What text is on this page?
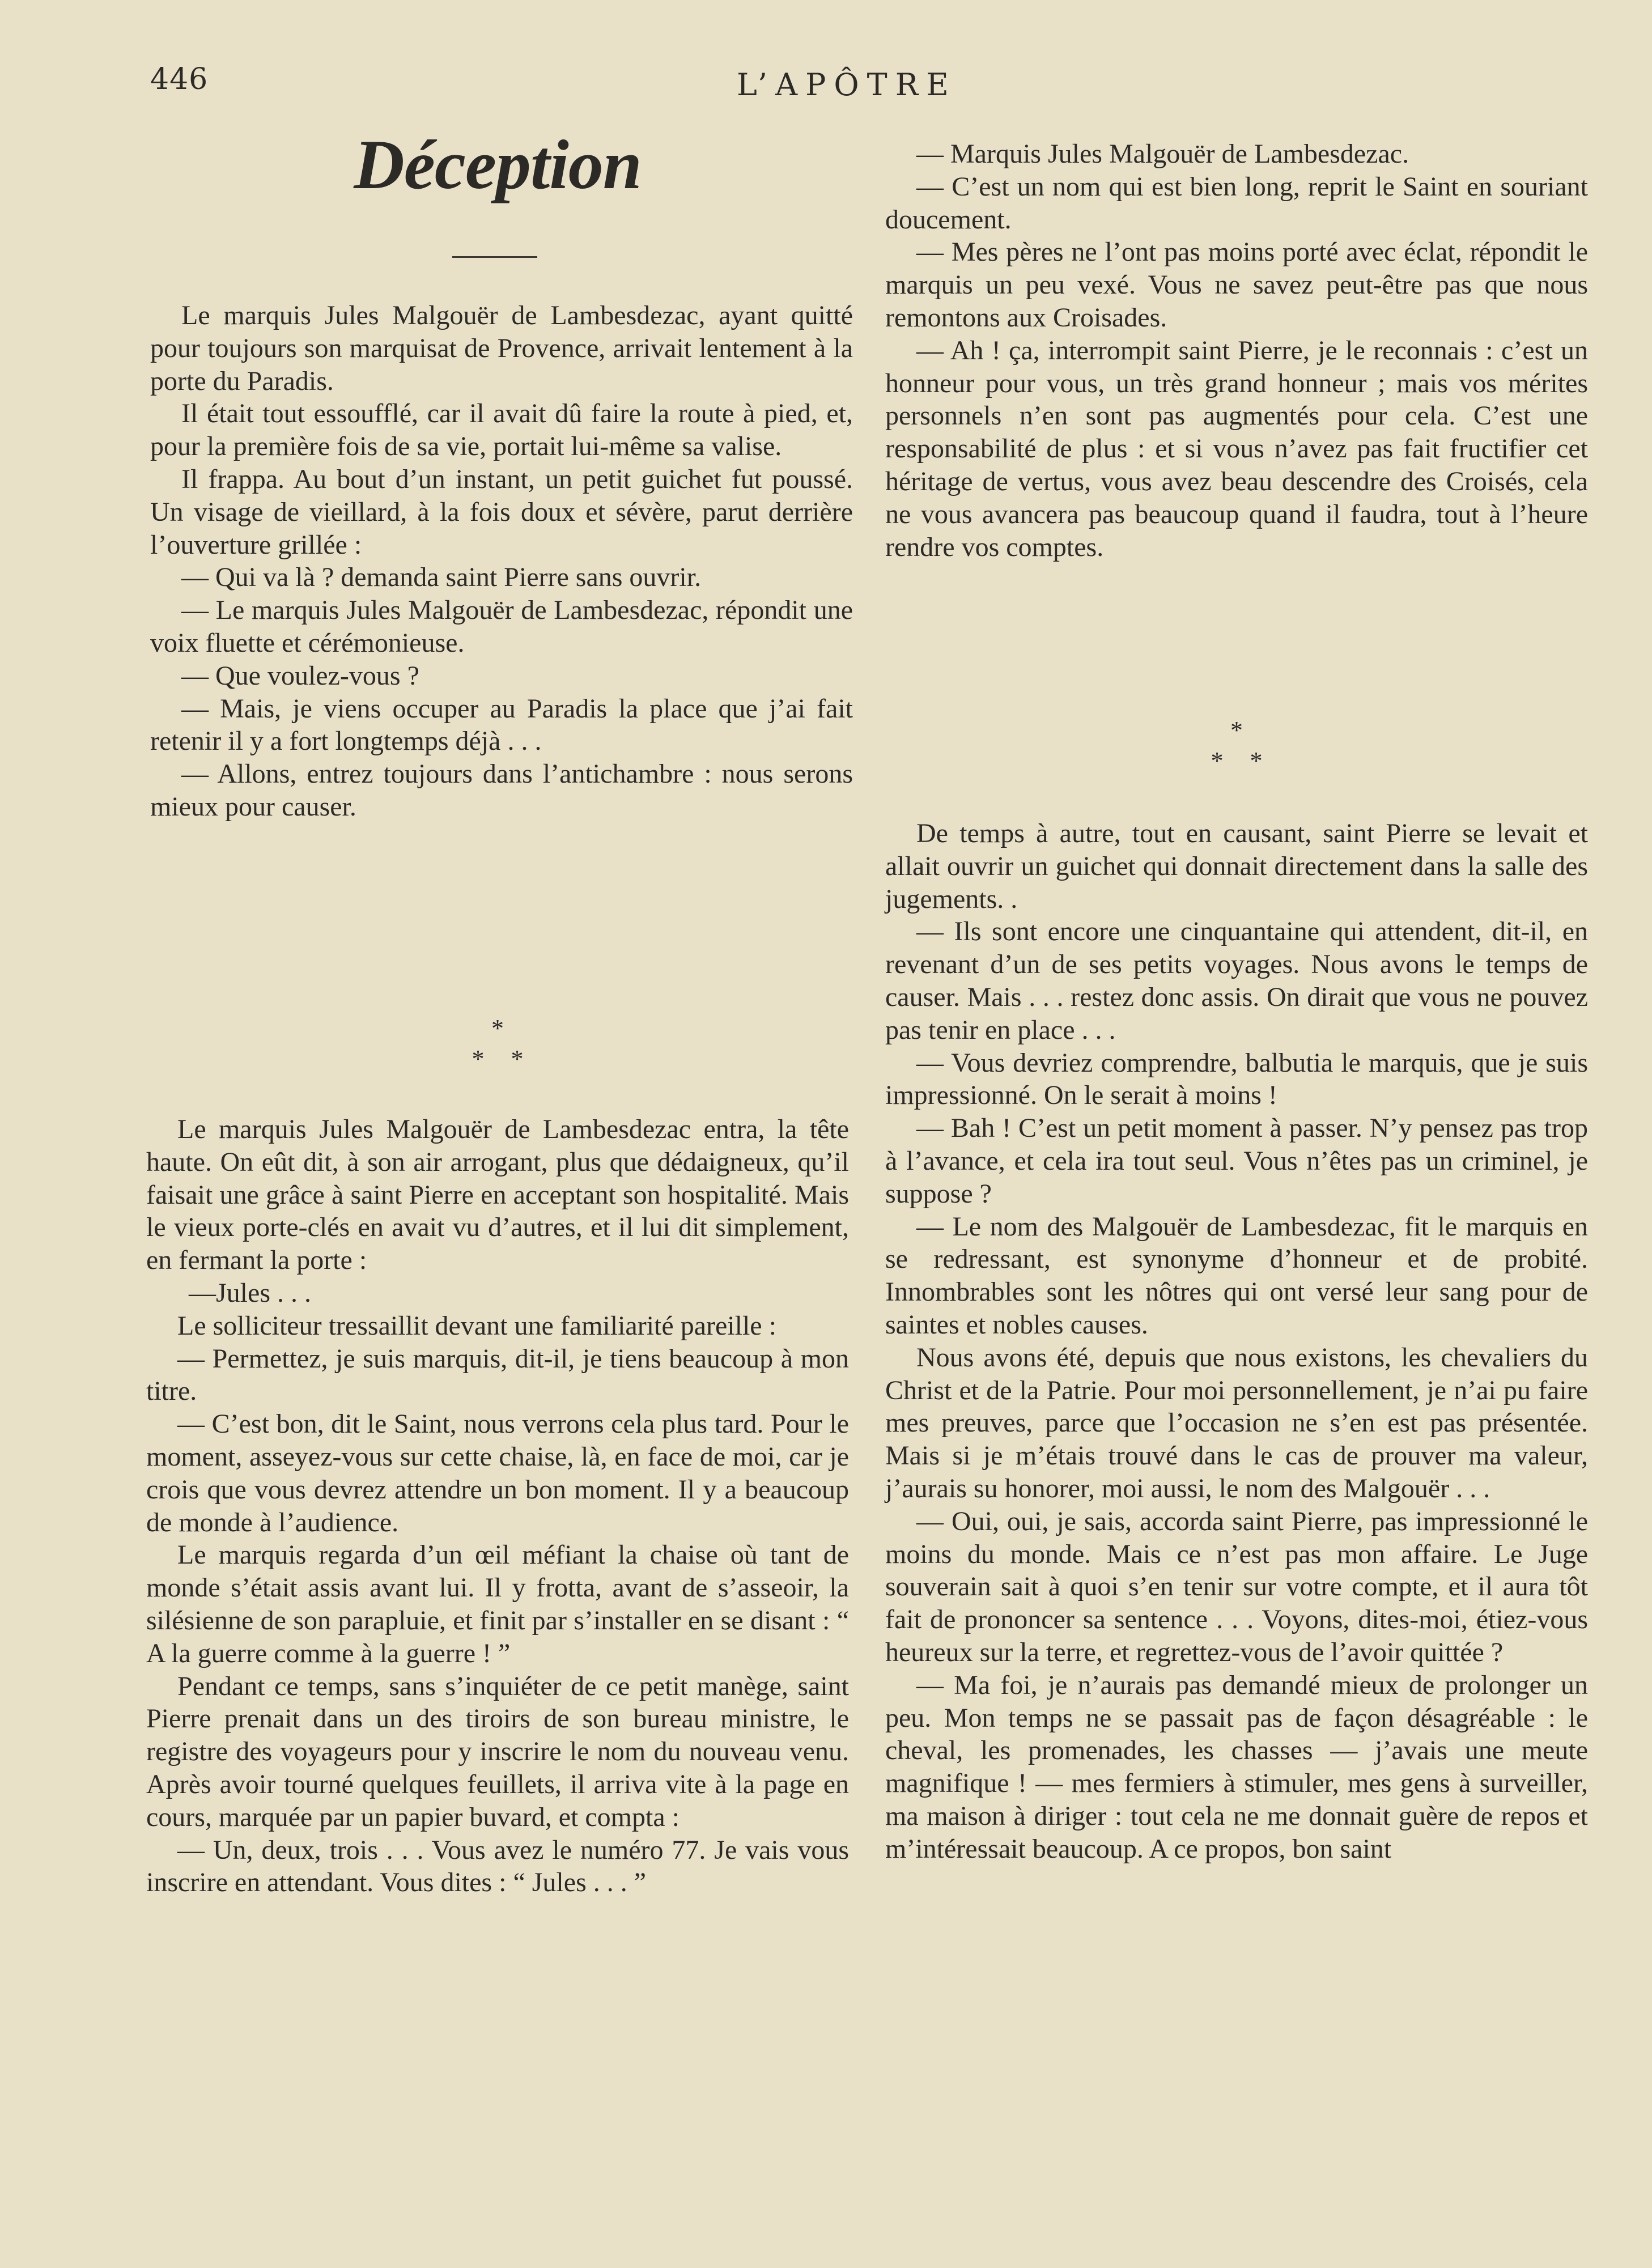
446	L’APÔTRE
Déception

Le marquis Jules Malgouër de Lambesdezac, ayant quitté pour toujours son marquisat de Provence, arrivait lentement à la porte du Paradis.

Il était tout essoufflé, car il avait dû faire la route à pied, et, pour la première fois de sa vie, portait lui-même sa valise.

Il frappa. Au bout d’un instant, un petit guichet fut poussé. Un visage de vieillard, à la fois doux et sévère, parut derrière l’ouverture grillée :

— Qui va là ? demanda saint Pierre sans ouvrir.

— Le marquis Jules Malgouër de Lambesdezac, répondit une voix fluette et cérémonieuse.

— Que voulez-vous ?

— Mais, je viens occuper au Paradis la place que j’ai fait retenir il y a fort longtemps déjà . . .

— Allons, entrez toujours dans l’antichambre : nous serons mieux pour causer.

*
* *

Le marquis Jules Malgouër de Lambesdezac entra, la tête haute. On eût dit, à son air arrogant, plus que dédaigneux, qu’il faisait une grâce à saint Pierre en acceptant son hospitalité. Mais le vieux porte-clés en avait vu d’autres, et il lui dit simplement, en fermant la porte :

—Jules . . .

Le solliciteur tressaillit devant une familiarité pareille :

— Permettez, je suis marquis, dit-il, je tiens beaucoup à mon titre.

— C’est bon, dit le Saint, nous verrons cela plus tard. Pour le moment, asseyez-vous sur cette chaise, là, en face de moi, car je crois que vous devrez attendre un bon moment. Il y a beaucoup de monde à l’audience.

Le marquis regarda d’un œil méfiant la chaise où tant de monde s’était assis avant lui. Il y frotta, avant de s’asseoir, la silésienne de son parapluie, et finit par s’installer en se disant : “ A la guerre comme à la guerre ! ”

Pendant ce temps, sans s’inquiéter de ce petit manège, saint Pierre prenait dans un des tiroirs de son bureau ministre, le registre des voyageurs pour y inscrire le nom du nouveau venu. Après avoir tourné quelques feuillets, il arriva vite à la page en cours, marquée par un papier buvard, et compta :

— Un, deux, trois . . . Vous avez le numéro 77. Je vais vous inscrire en attendant. Vous dites : “ Jules . . . ”

— Marquis Jules Malgouër de Lambesdezac.

— C’est un nom qui est bien long, reprit le Saint en souriant doucement.

— Mes pères ne l’ont pas moins porté avec éclat, répondit le marquis un peu vexé. Vous ne savez peut-être pas que nous remontons aux Croisades.

— Ah ! ça, interrompit saint Pierre, je le reconnais : c’est un honneur pour vous, un très grand honneur ; mais vos mérites personnels n’en sont pas augmentés pour cela. C’est une responsabilité de plus : et si vous n’avez pas fait fructifier cet héritage de vertus, vous avez beau descendre des Croisés, cela ne vous avancera pas beaucoup quand il faudra, tout à l’heure rendre vos comptes.

*
* *

De temps à autre, tout en causant, saint Pierre se levait et allait ouvrir un guichet qui donnait directement dans la salle des jugements. .

— Ils sont encore une cinquantaine qui attendent, dit-il, en revenant d’un de ses petits voyages. Nous avons le temps de causer. Mais . . . restez donc assis. On dirait que vous ne pouvez pas tenir en place . . .

— Vous devriez comprendre, balbutia le marquis, que je suis impressionné. On le serait à moins !

— Bah ! C’est un petit moment à passer. N’y pensez pas trop à l’avance, et cela ira tout seul. Vous n’êtes pas un criminel, je suppose ?

— Le nom des Malgouër de Lambesdezac, fit le marquis en se redressant, est synonyme d’honneur et de probité. Innombrables sont les nôtres qui ont versé leur sang pour de saintes et nobles causes.

Nous avons été, depuis que nous existons, les chevaliers du Christ et de la Patrie. Pour moi personnellement, je n’ai pu faire mes preuves, parce que l’occasion ne s’en est pas présentée. Mais si je m’étais trouvé dans le cas de prouver ma valeur, j’aurais su honorer, moi aussi, le nom des Malgouër . . .

— Oui, oui, je sais, accorda saint Pierre, pas impressionné le moins du monde. Mais ce n’est pas mon affaire. Le Juge souverain sait à quoi s’en tenir sur votre compte, et il aura tôt fait de prononcer sa sentence . . . Voyons, dites-moi, étiez-vous heureux sur la terre, et regrettez-vous de l’avoir quittée ?

— Ma foi, je n’aurais pas demandé mieux de prolonger un peu. Mon temps ne se passait pas de façon désagréable : le cheval, les promenades, les chasses — j’avais une meute magnifique ! — mes fermiers à stimuler, mes gens à surveiller, ma maison à diriger : tout cela ne me donnait guère de repos et m’intéressait beaucoup. A ce propos, bon saint
